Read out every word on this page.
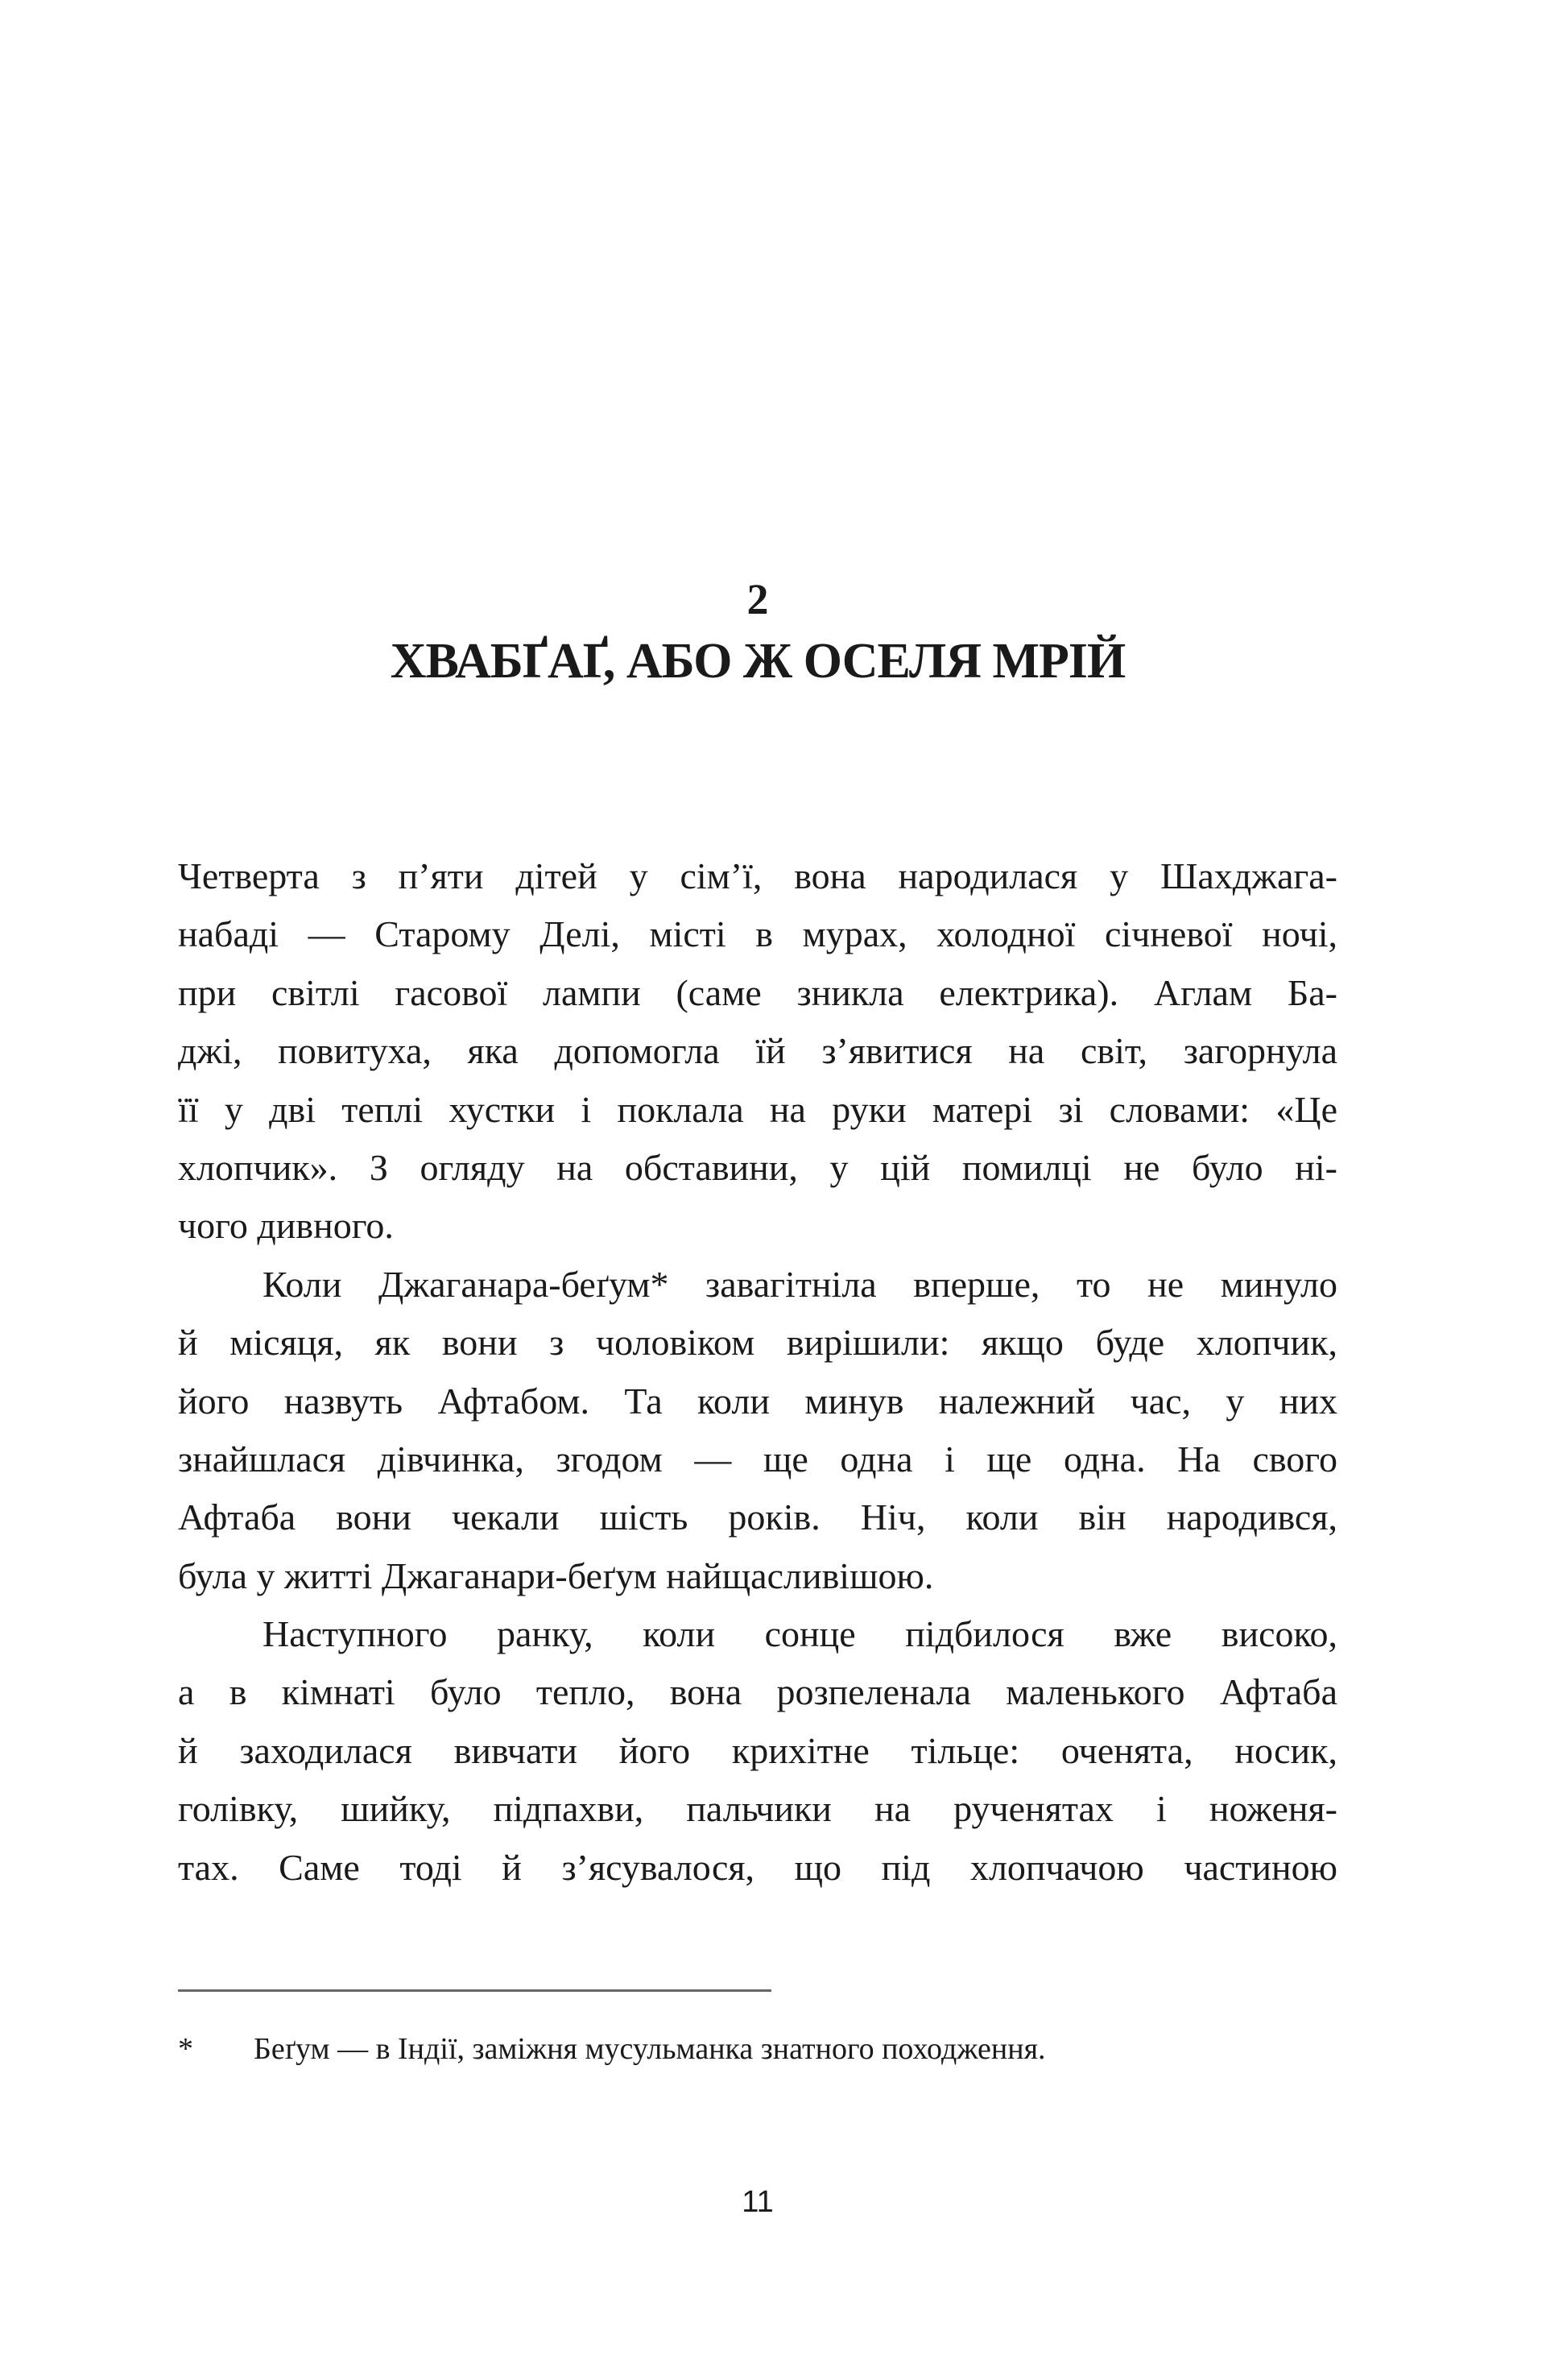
2
ХВАБҐАҐ, АБО Ж ОСЕЛЯ МРІЙ
Четверта з п’яти дітей у сім’ї, вона народилася у Шахджага-
набаді — Старому Делі, місті в мурах, холодної січневої ночі,
при світлі гасової лампи (саме зникла електрика). Аглам Ба-
джі, повитуха, яка допомогла їй з’явитися на світ, загорнула
її у дві теплі хустки і поклала на руки матері зі словами: «Це
хлопчик». З огляду на обставини, у цій помилці не було ні-
чого дивного.
Коли Джаганара-беґум* завагітніла вперше, то не минуло
й місяця, як вони з чоловіком вирішили: якщо буде хлопчик,
його назвуть Афтабом. Та коли минув належний час, у них
знайшлася дівчинка, згодом — ще одна і ще одна. На свого
Афтаба вони чекали шість років. Ніч, коли він народився,
була у житті Джаганари-беґум найщасливішою.
Наступного ранку, коли сонце підбилося вже високо,
а в кімнаті було тепло, вона розпеленала маленького Афтаба
й заходилася вивчати його крихітне тільце: оченята, носик,
голівку, шийку, підпахви, пальчики на рученятах і ноженя-
тах. Саме тоді й з’ясувалося, що під хлопчачою частиною
* Беґум — в Індії, заміжня мусульманка знатного походження.
11
